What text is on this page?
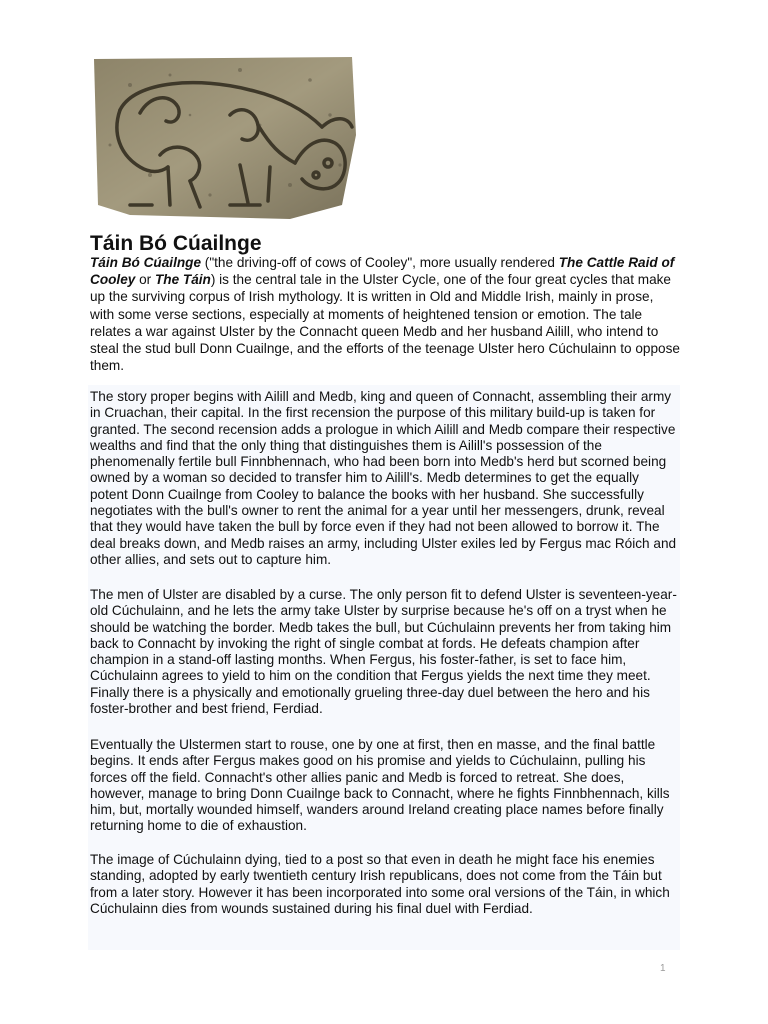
Táin Bó Cúailnge

Táin Bó Cúailnge ("the driving-off of cows of Cooley", more usually rendered The Cattle Raid of Cooley or The Táin) is the central tale in the Ulster Cycle, one of the four great cycles that make up the surviving corpus of Irish mythology. It is written in Old and Middle Irish, mainly in prose, with some verse sections, especially at moments of heightened tension or emotion. The tale relates a war against Ulster by the Connacht queen Medb and her husband Ailill, who intend to steal the stud bull Donn Cuailnge, and the efforts of the teenage Ulster hero Cúchulainn to oppose them.

The story proper begins with Ailill and Medb, king and queen of Connacht, assembling their army in Cruachan, their capital. In the first recension the purpose of this military build-up is taken for granted. The second recension adds a prologue in which Ailill and Medb compare their respective wealths and find that the only thing that distinguishes them is Ailill's possession of the phenomenally fertile bull Finnbhennach, who had been born into Medb's herd but scorned being owned by a woman so decided to transfer him to Ailill's. Medb determines to get the equally potent Donn Cuailnge from Cooley to balance the books with her husband. She successfully negotiates with the bull's owner to rent the animal for a year until her messengers, drunk, reveal that they would have taken the bull by force even if they had not been allowed to borrow it. The deal breaks down, and Medb raises an army, including Ulster exiles led by Fergus mac Róich and other allies, and sets out to capture him.

The men of Ulster are disabled by a curse. The only person fit to defend Ulster is seventeen-year-old Cúchulainn, and he lets the army take Ulster by surprise because he's off on a tryst when he should be watching the border. Medb takes the bull, but Cúchulainn prevents her from taking him back to Connacht by invoking the right of single combat at fords. He defeats champion after champion in a stand-off lasting months. When Fergus, his foster-father, is set to face him, Cúchulainn agrees to yield to him on the condition that Fergus yields the next time they meet. Finally there is a physically and emotionally grueling three-day duel between the hero and his foster-brother and best friend, Ferdiad.

Eventually the Ulstermen start to rouse, one by one at first, then en masse, and the final battle begins. It ends after Fergus makes good on his promise and yields to Cúchulainn, pulling his forces off the field. Connacht's other allies panic and Medb is forced to retreat. She does, however, manage to bring Donn Cuailnge back to Connacht, where he fights Finnbhennach, kills him, but, mortally wounded himself, wanders around Ireland creating place names before finally returning home to die of exhaustion.

The image of Cúchulainn dying, tied to a post so that even in death he might face his enemies standing, adopted by early twentieth century Irish republicans, does not come from the Táin but from a later story. However it has been incorporated into some oral versions of the Táin, in which Cúchulainn dies from wounds sustained during his final duel with Ferdiad.

1
